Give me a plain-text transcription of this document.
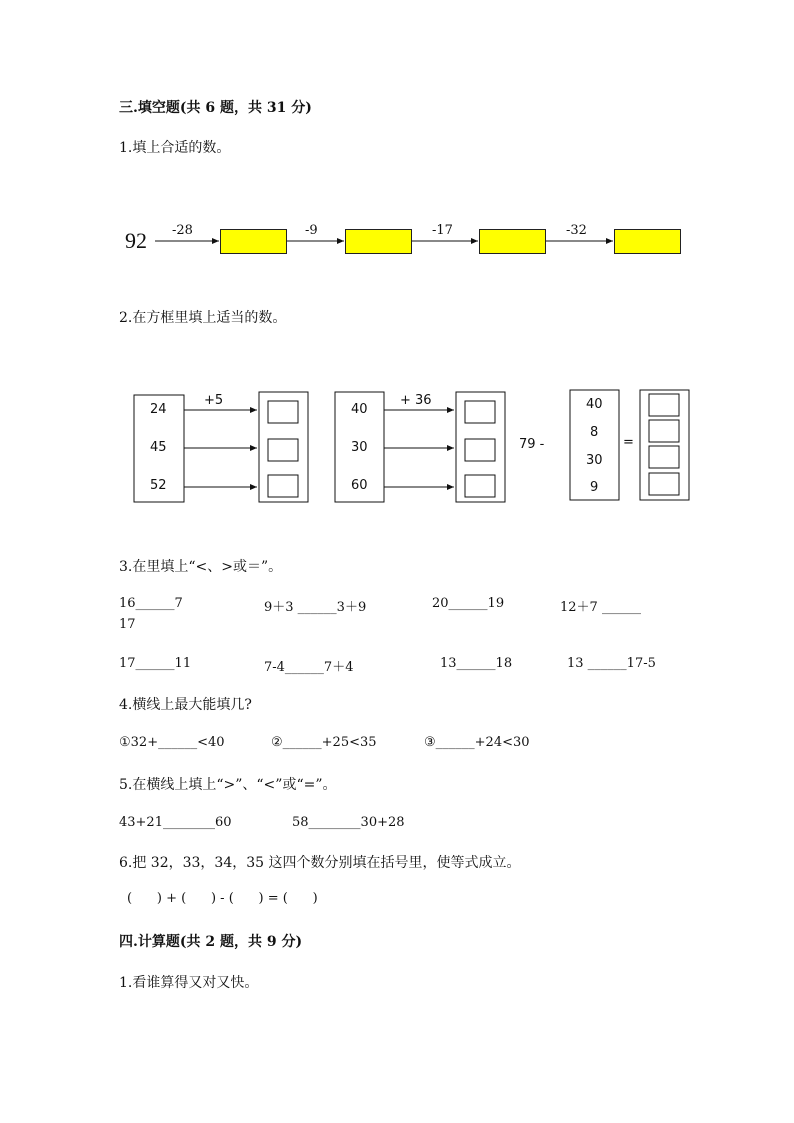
三.填空题(共 6 题，共 31 分)
1.填上合适的数。
92 -28	-9	-17	-32
2.在方框里填上适当的数。
+5
24
45
52
+ 36
40
30
60
79 -
40
8
30
9
=
3.在里填上“<、>或＝”。
16______7	9＋3 ______3＋9	20______19	12＋7 ______
17
17______11	7-4______7＋4	13______18	13 ______17-5
4.横线上最大能填几?
①32+______<40	②______+25<35	③______+24<30
5.在横线上填上“>”、“<”或“=”。
43+21________60	58________30+28
6.把 32，33，34，35 这四个数分别填在括号里，使等式成立。
(      ) + (      ) - (      ) = (      )
四.计算题(共 2 题，共 9 分)
1.看谁算得又对又快。
